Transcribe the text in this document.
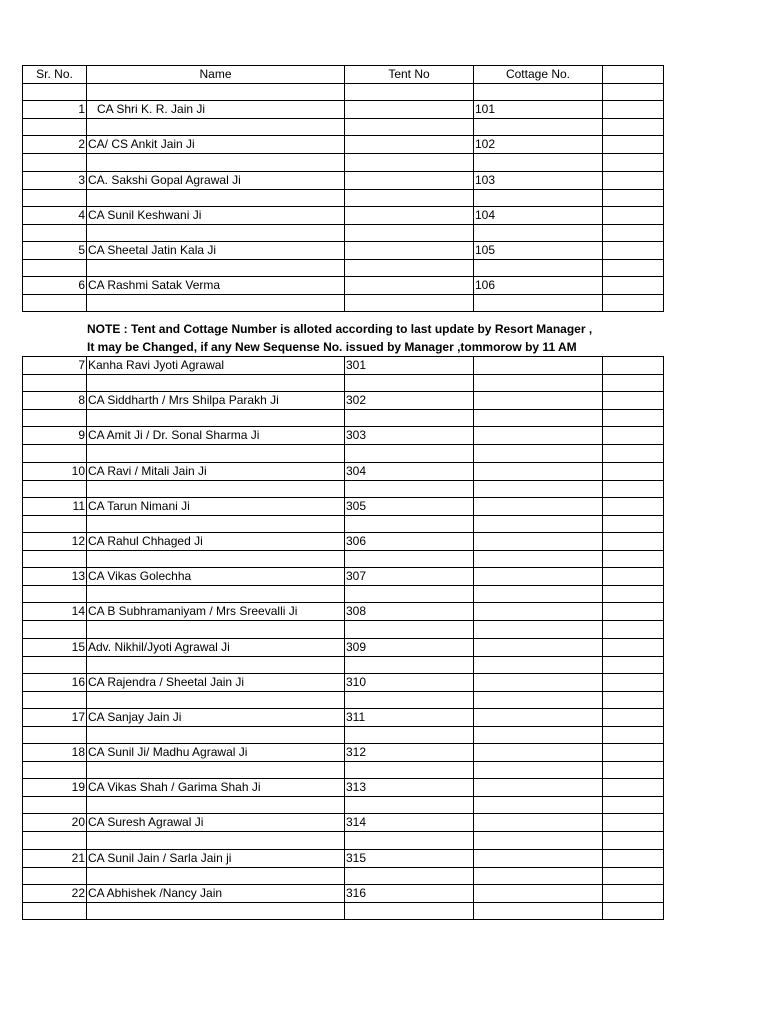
Sr. No.	Name	Tent No	Cottage No.	

1	CA Shri K. R. Jain Ji		101	

2	CA/ CS Ankit Jain Ji		102	

3	CA. Sakshi Gopal Agrawal Ji		103	

4	CA Sunil Keshwani Ji		104	

5	CA Sheetal Jatin Kala Ji		105	

6	CA Rashmi Satak Verma		106	

NOTE : Tent and Cottage Number is alloted according to last update by Resort Manager ,
It may be Changed, if any New Sequense No. issued by Manager ,tommorow by 11 AM
7	Kanha Ravi Jyoti Agrawal	301		

8	CA Siddharth / Mrs Shilpa Parakh Ji	302		

9	CA Amit Ji / Dr. Sonal Sharma Ji	303		

10	CA Ravi / Mitali Jain Ji	304		

11	CA Tarun Nimani Ji	305		

12	CA Rahul Chhaged Ji	306		

13	CA Vikas Golechha	307		

14	CA B Subhramaniyam / Mrs Sreevalli Ji	308		

15	Adv. Nikhil/Jyoti Agrawal Ji	309		

16	CA Rajendra / Sheetal Jain Ji	310		

17	CA Sanjay Jain Ji	311		

18	CA Sunil Ji/ Madhu Agrawal Ji	312		

19	CA Vikas Shah / Garima Shah Ji	313		

20	CA Suresh Agrawal Ji	314		

21	CA Sunil Jain / Sarla Jain ji	315		

22	CA Abhishek /Nancy Jain	316		
